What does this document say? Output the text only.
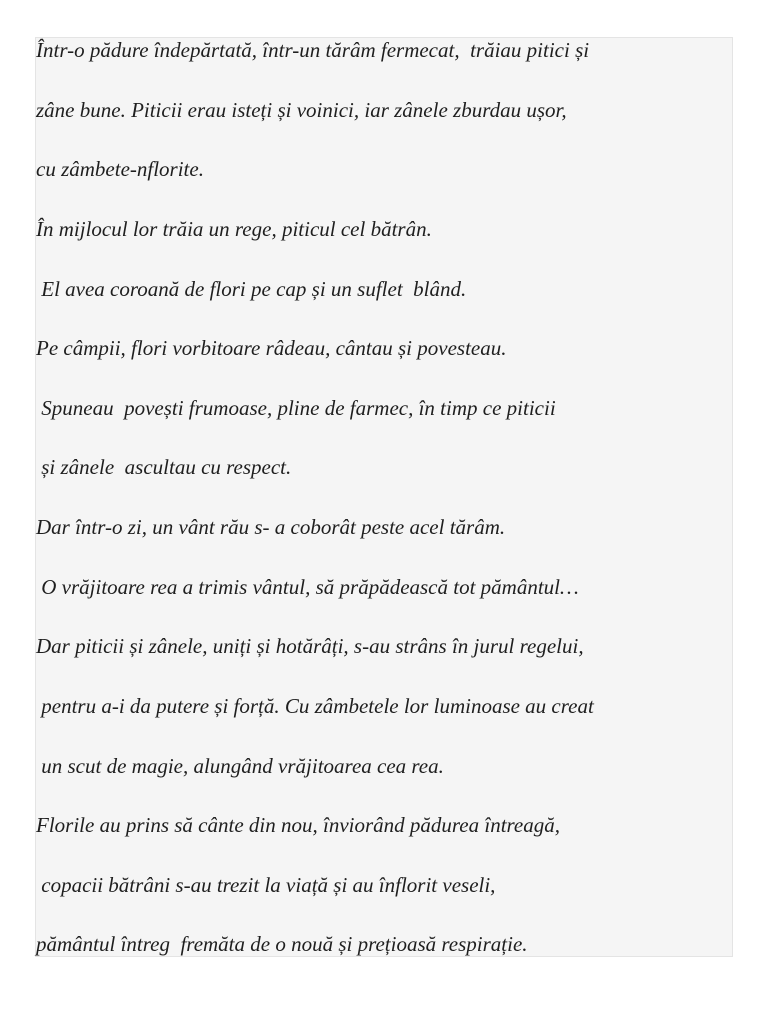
Într-o pădure îndepărtată, într-un tărâm fermecat,  trăiau pitici și

zâne bune. Piticii erau isteți și voinici, iar zânele zburdau ușor,

cu zâmbete-nflorite.

În mijlocul lor trăia un rege, piticul cel bătrân.

El avea coroană de flori pe cap și un suflet  blând.

Pe câmpii, flori vorbitoare râdeau, cântau și povesteau.

Spuneau  povești frumoase, pline de farmec, în timp ce piticii

și zânele  ascultau cu respect.

Dar într-o zi, un vânt rău s- a coborât peste acel tărâm.

O vrăjitoare rea a trimis vântul, să prăpădească tot pământul…

Dar piticii și zânele, uniți și hotărâți, s-au strâns în jurul regelui,

pentru a-i da putere și forță. Cu zâmbetele lor luminoase au creat

un scut de magie, alungând vrăjitoarea cea rea.

Florile au prins să cânte din nou, înviorând pădurea întreagă,

copacii bătrâni s-au trezit la viață și au înflorit veseli,

pământul întreg  fremăta de o nouă și prețioasă respirație.
